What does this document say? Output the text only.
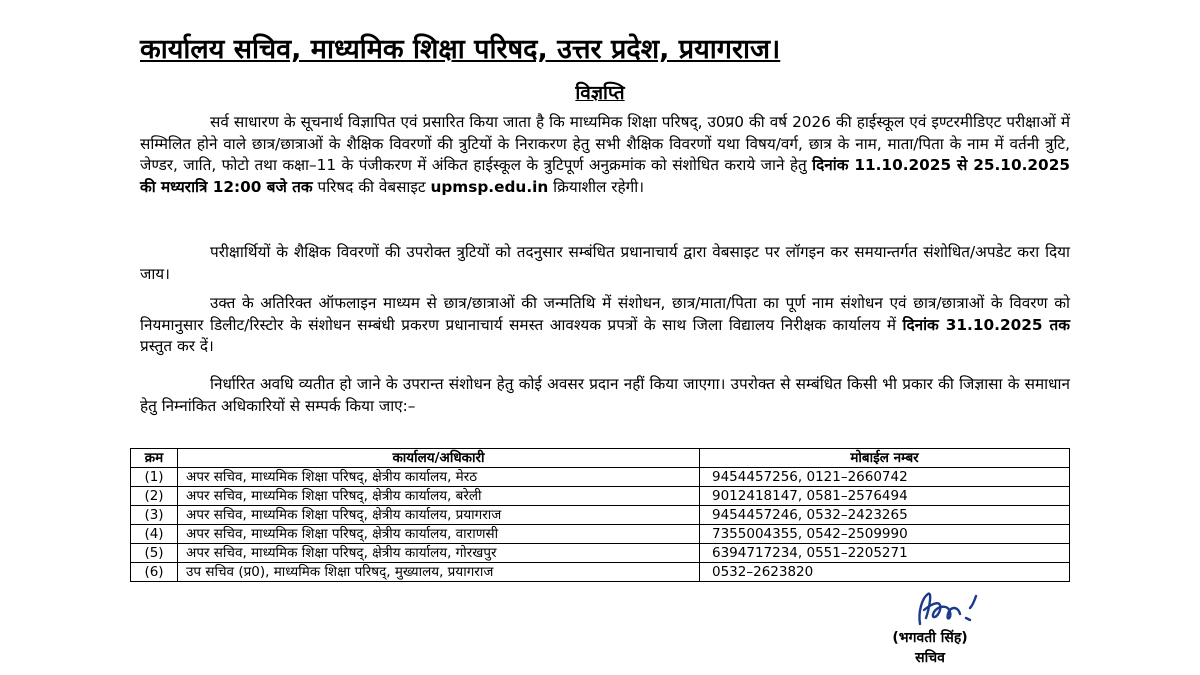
कार्यालय सचिव, माध्यमिक शिक्षा परिषद, उत्तर प्रदेश, प्रयागराज।
विज्ञप्ति

सर्व साधारण के सूचनार्थ विज्ञापित एवं प्रसारित किया जाता है कि माध्यमिक शिक्षा परिषद्, उ0प्र0 की वर्ष 2026 की हाईस्कूल एवं इण्टरमीडिएट परीक्षाओं में सम्मिलित होने वाले छात्र/छात्राओं के शैक्षिक विवरणों की त्रुटियों के निराकरण हेतु सभी शैक्षिक विवरणों यथा विषय/वर्ग, छात्र के नाम, माता/पिता के नाम में वर्तनी त्रुटि, जेण्डर, जाति, फोटो तथा कक्षा–11 के पंजीकरण में अंकित हाईस्कूल के त्रुटिपूर्ण अनुक्रमांक को संशोधित कराये जाने हेतु दिनांक 11.10.2025 से 25.10.2025 की मध्यरात्रि 12:00 बजे तक परिषद की वेबसाइट upmsp.edu.in क्रियाशील रहेगी।

परीक्षार्थियों के शैक्षिक विवरणों की उपरोक्त त्रुटियों को तदनुसार सम्बंधित प्रधानाचार्य द्वारा वेबसाइट पर लॉगइन कर समयान्तर्गत संशोधित/अपडेट करा दिया जाय।

उक्त के अतिरिक्त ऑफलाइन माध्यम से छात्र/छात्राओं की जन्मतिथि में संशोधन, छात्र/माता/पिता का पूर्ण नाम संशोधन एवं छात्र/छात्राओं के विवरण को नियमानुसार डिलीट/रिस्टोर के संशोधन सम्बंधी प्रकरण प्रधानाचार्य समस्त आवश्यक प्रपत्रों के साथ जिला विद्यालय निरीक्षक कार्यालय में दिनांक 31.10.2025 तक प्रस्तुत कर दें।

निर्धारित अवधि व्यतीत हो जाने के उपरान्त संशोधन हेतु कोई अवसर प्रदान नहीं किया जाएगा। उपरोक्त से सम्बंधित किसी भी प्रकार की जिज्ञासा के समाधान हेतु निम्नांकित अधिकारियों से सम्पर्क किया जाए:–

क्रम	कार्यालय/अधिकारी	मोबाईल नम्बर
(1)	अपर सचिव, माध्यमिक शिक्षा परिषद्, क्षेत्रीय कार्यालय, मेरठ	9454457256, 0121–2660742
(2)	अपर सचिव, माध्यमिक शिक्षा परिषद्, क्षेत्रीय कार्यालय, बरेली	9012418147, 0581–2576494
(3)	अपर सचिव, माध्यमिक शिक्षा परिषद्, क्षेत्रीय कार्यालय, प्रयागराज	9454457246, 0532–2423265
(4)	अपर सचिव, माध्यमिक शिक्षा परिषद्, क्षेत्रीय कार्यालय, वाराणसी	7355004355, 0542–2509990
(5)	अपर सचिव, माध्यमिक शिक्षा परिषद्, क्षेत्रीय कार्यालय, गोरखपुर	6394717234, 0551–2205271
(6)	उप सचिव (प्र0), माध्यमिक शिक्षा परिषद्, मुख्यालय, प्रयागराज	0532–2623820
(भगवती सिंह)
सचिव
